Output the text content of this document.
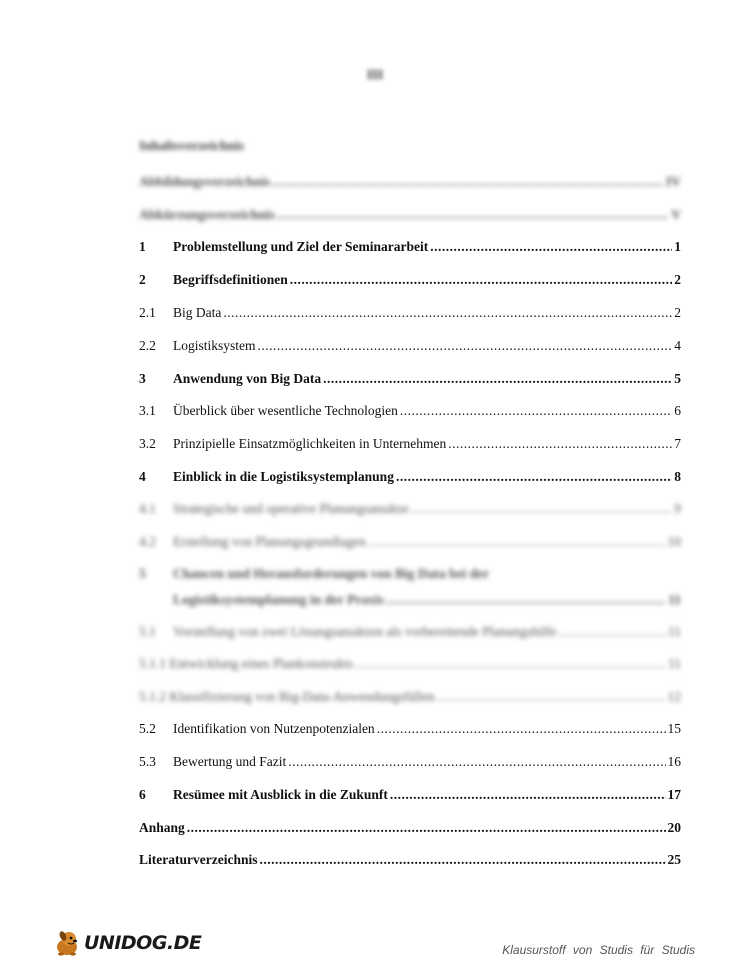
III
Inhaltsverzeichnis
Abbildungsverzeichnis .....	IV
Abkürzungsverzeichnis .....	V
1	Problemstellung und Ziel der Seminararbeit .....	1
2	Begriffsdefinitionen .....	2
2.1	Big Data .....	2
2.2	Logistiksystem .....	4
3	Anwendung von Big Data .....	5
3.1	Überblick über wesentliche Technologien .....	6
3.2	Prinzipielle Einsatzmöglichkeiten in Unternehmen .....	7
4	Einblick in die Logistiksystemplanung .....	8
4.1	Strategische und operative Planungsansätze .....	9
4.2	Erstellung von Planungsgrundlagen .....	10
5	Chancen und Herausforderungen von Big Data bei der
Logistiksystemplanung in der Praxis .....	11
5.1	Vorstellung von zwei Lösungsansätzen als vorbereitende Planungshilfe .....	11
5.1.1 Entwicklung eines Plankonstrukts .....	11
5.1.2 Klassifizierung von Big-Data-Anwendungsfällen .....	12
5.2	Identifikation von Nutzenpotenzialen .....	15
5.3	Bewertung und Fazit .....	16
6	Resümee mit Ausblick in die Zukunft .....	17
Anhang .....	20
Literaturverzeichnis .....	25
UNIDOG.DE	Klausurstoff von Studis für Studis
